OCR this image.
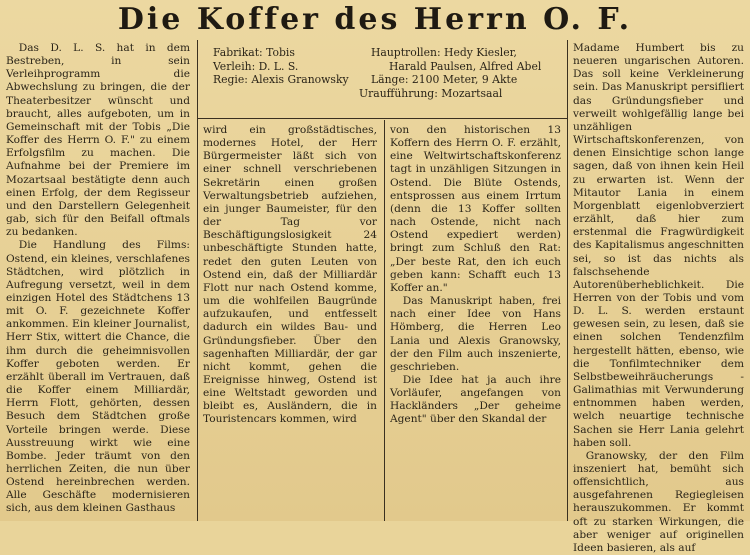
Die Koffer des Herrn O. F.
Fabrikat: Tobis
Verleih: D. L. S.
Regie: Alexis Granowsky
Hauptrollen: Hedy Kiesler,
Harald Paulsen, Alfred Abel
Länge: 2100 Meter, 9 Akte
Uraufführung: Mozartsaal

Das D. L. S. hat in dem Bestreben, in sein Verleihprogramm die Abwechslung zu bringen, die der Theaterbesitzer wünscht und braucht, alles aufgeboten, um in Gemeinschaft mit der Tobis „Die Koffer des Herrn O. F." zu einem Erfolgsfilm zu machen. Die Aufnahme bei der Premiere im Mozartsaal bestätigte denn auch einen Erfolg, der dem Regisseur und den Darstellern Gelegenheit gab, sich für den Beifall oftmals zu bedanken.

Die Handlung des Films: Ostend, ein kleines, verschlafenes Städtchen, wird plötzlich in Aufregung versetzt, weil in dem einzigen Hotel des Städtchens 13 mit O. F. gezeichnete Koffer ankommen. Ein kleiner Journalist, Herr Stix, wittert die Chance, die ihm durch die geheimnisvollen Koffer geboten werden. Er erzählt überall im Vertrauen, daß die Koffer einem Milliardär, Herrn Flott, gehörten, dessen Besuch dem Städtchen große Vorteile bringen werde. Diese Ausstreuung wirkt wie eine Bombe. Jeder träumt von den herrlichen Zeiten, die nun über Ostend hereinbrechen werden. Alle Geschäfte modernisieren sich, aus dem kleinen Gasthaus

wird ein großstädtisches, modernes Hotel, der Herr Bürgermeister läßt sich von einer schnell verschriebenen Sekretärin einen großen Verwaltungsbetrieb aufziehen, ein junger Baumeister, für den der Tag vor Beschäftigungslosigkeit 24 unbeschäftigte Stunden hatte, redet den guten Leuten von Ostend ein, daß der Milliardär Flott nur nach Ostend komme, um die wohlfeilen Baugründe aufzukaufen, und entfesselt dadurch ein wildes Bau- und Gründungsfieber. Über den sagenhaften Milliardär, der gar nicht kommt, gehen die Ereignisse hinweg, Ostend ist eine Weltstadt geworden und bleibt es, Ausländern, die in Touristencars kommen, wird

von den historischen 13 Koffern des Herrn O. F. erzählt, eine Weltwirtschaftskonferenz tagt in unzähligen Sitzungen in Ostend. Die Blüte Ostends, entsprossen aus einem Irrtum (denn die 13 Koffer sollten nach Ostende, nicht nach Ostend expediert werden) bringt zum Schluß den Rat: „Der beste Rat, den ich euch geben kann: Schafft euch 13 Koffer an."

Das Manuskript haben, frei nach einer Idee von Hans Hömberg, die Herren Leo Lania und Alexis Granowsky, der den Film auch inszenierte, geschrieben.

Die Idee hat ja auch ihre Vorläufer, angefangen von Hackländers „Der geheime Agent" über den Skandal der

Madame Humbert bis zu neueren ungarischen Autoren. Das soll keine Verkleinerung sein. Das Manuskript persifliert das Gründungsfieber und verweilt wohlgefällig lange bei unzähligen Wirtschaftskonferenzen, von denen Einsichtige schon lange sagen, daß von ihnen kein Heil zu erwarten ist. Wenn der Mitautor Lania in einem Morgenblatt eigenlobverziert erzählt, daß hier zum erstenmal die Fragwürdigkeit des Kapitalismus angeschnitten sei, so ist das nichts als falschsehende Autorenüberheblichkeit. Die Herren von der Tobis und vom D. L. S. werden erstaunt gewesen sein, zu lesen, daß sie einen solchen Tendenzfilm hergestellt hätten, ebenso, wie die Tonfilmtechniker dem Selbstbeweihräucherungs - Galimathias mit Verwunderung entnommen haben werden, welch neuartige technische Sachen sie Herr Lania gelehrt haben soll.

Granowsky, der den Film inszeniert hat, bemüht sich offensichtlich, aus ausgefahrenen Regiegleisen herauszukommen. Er kommt oft zu starken Wirkungen, die aber weniger auf originellen Ideen basieren, als auf
